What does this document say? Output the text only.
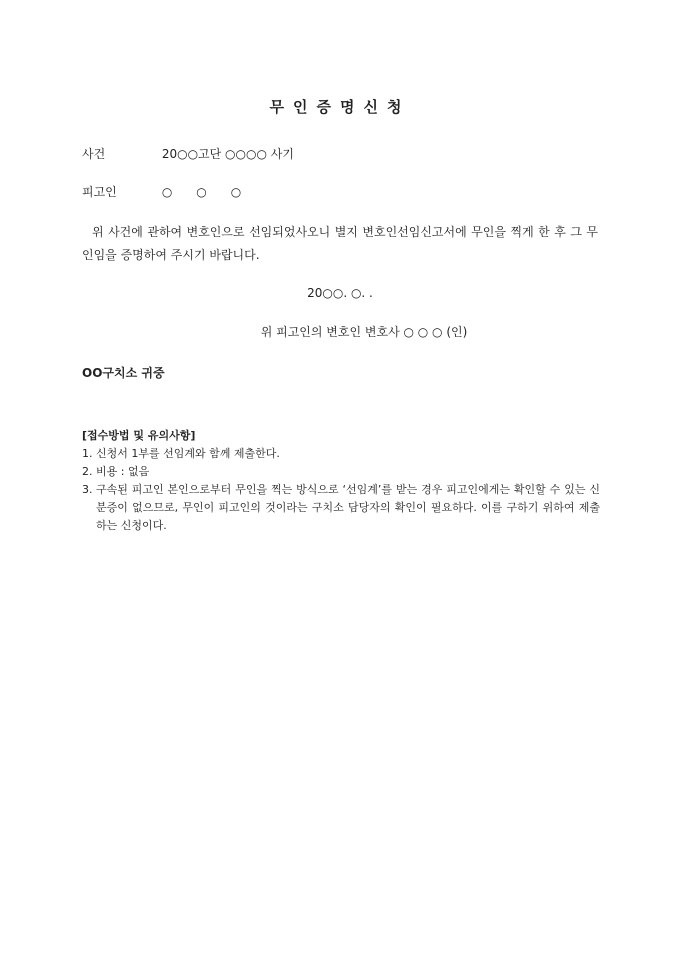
무인증명신청
사건	20○○고단 ○○○○ 사기
피고인	○　　○　　○
위 사건에 관하여 변호인으로 선임되었사오니 별지 변호인선임신고서에 무인을 찍게 한 후 그 무인임을 증명하여 주시기 바랍니다.
20○○. ○. .
위 피고인의 변호인 변호사 ○ ○ ○ (인)
OO구치소 귀중
[접수방법 및 유의사항]
1. 신청서 1부를 선임계와 함께 제출한다.
2. 비용 : 없음
3. 구속된 피고인 본인으로부터 무인을 찍는 방식으로 ‘선임계’를 받는 경우 피고인에게는 확인할 수 있는 신분증이 없으므로, 무인이 피고인의 것이라는 구치소 담당자의 확인이 필요하다. 이를 구하기 위하여 제출하는 신청이다.
